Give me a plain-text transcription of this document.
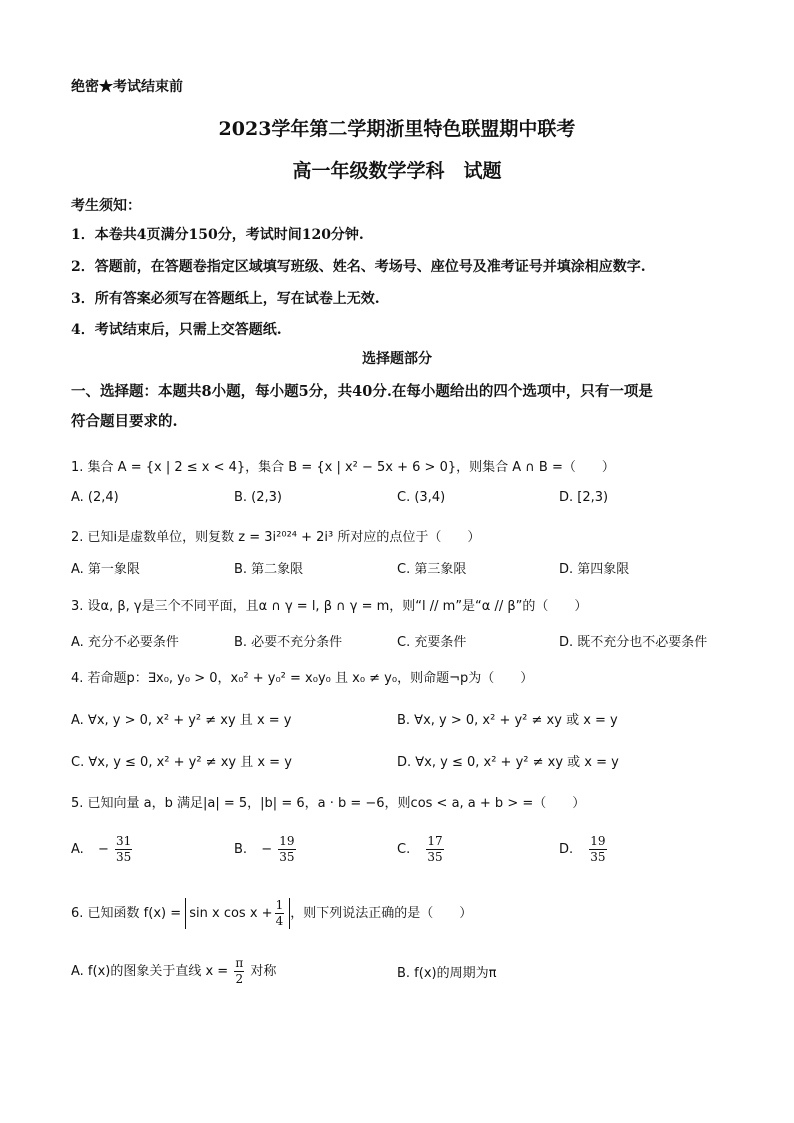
绝密★考试结束前
2023学年第二学期浙里特色联盟期中联考
高一年级数学学科　试题
考生须知：
1．本卷共4页满分150分，考试时间120分钟.
2．答题前，在答题卷指定区域填写班级、姓名、考场号、座位号及准考证号并填涂相应数字.
3．所有答案必须写在答题纸上，写在试卷上无效.
4．考试结束后，只需上交答题纸.
选择题部分
一、选择题：本题共8小题，每小题5分，共40分.在每小题给出的四个选项中，只有一项是
符合题目要求的.
1. 集合 A = {x | 2 ≤ x < 4}，集合 B = {x | x² − 5x + 6 > 0}，则集合 A ∩ B =（　　）
A. (2,4)	B. (2,3)	C. (3,4)	D. [2,3)
2. 已知i是虚数单位，则复数 z = 3i²⁰²⁴ + 2i³ 所对应的点位于（　　）
A. 第一象限	B. 第二象限	C. 第三象限	D. 第四象限
3. 设α, β, γ是三个不同平面，且α ∩ γ = l, β ∩ γ = m，则“l // m”是“α // β”的（　　）
A. 充分不必要条件	B. 必要不充分条件	C. 充要条件	D. 既不充分也不必要条件
4. 若命题p：∃x₀, y₀ > 0，x₀² + y₀² = x₀y₀ 且 x₀ ≠ y₀，则命题¬p为（　　）
A. ∀x, y > 0, x² + y² ≠ xy 且 x = y	B. ∀x, y > 0, x² + y² ≠ xy 或 x = y
C. ∀x, y ≤ 0, x² + y² ≠ xy 且 x = y	D. ∀x, y ≤ 0, x² + y² ≠ xy 或 x = y
5. 已知向量 a，b 满足|a| = 5，|b| = 6，a · b = −6，则cos < a, a + b > =（　　）
A. − $\frac{31}{35}$	B. − $\frac{19}{35}$	C. $\frac{17}{35}$	D. $\frac{19}{35}$
6. 已知函数 f(x) = sin x $\cos x + \frac{1}{4}$ ，则下列说法正确的是（　　）
A. f(x)的图象关于直线 $x = \frac{\pi}{2}$ 对称	B. f(x)的周期为π
